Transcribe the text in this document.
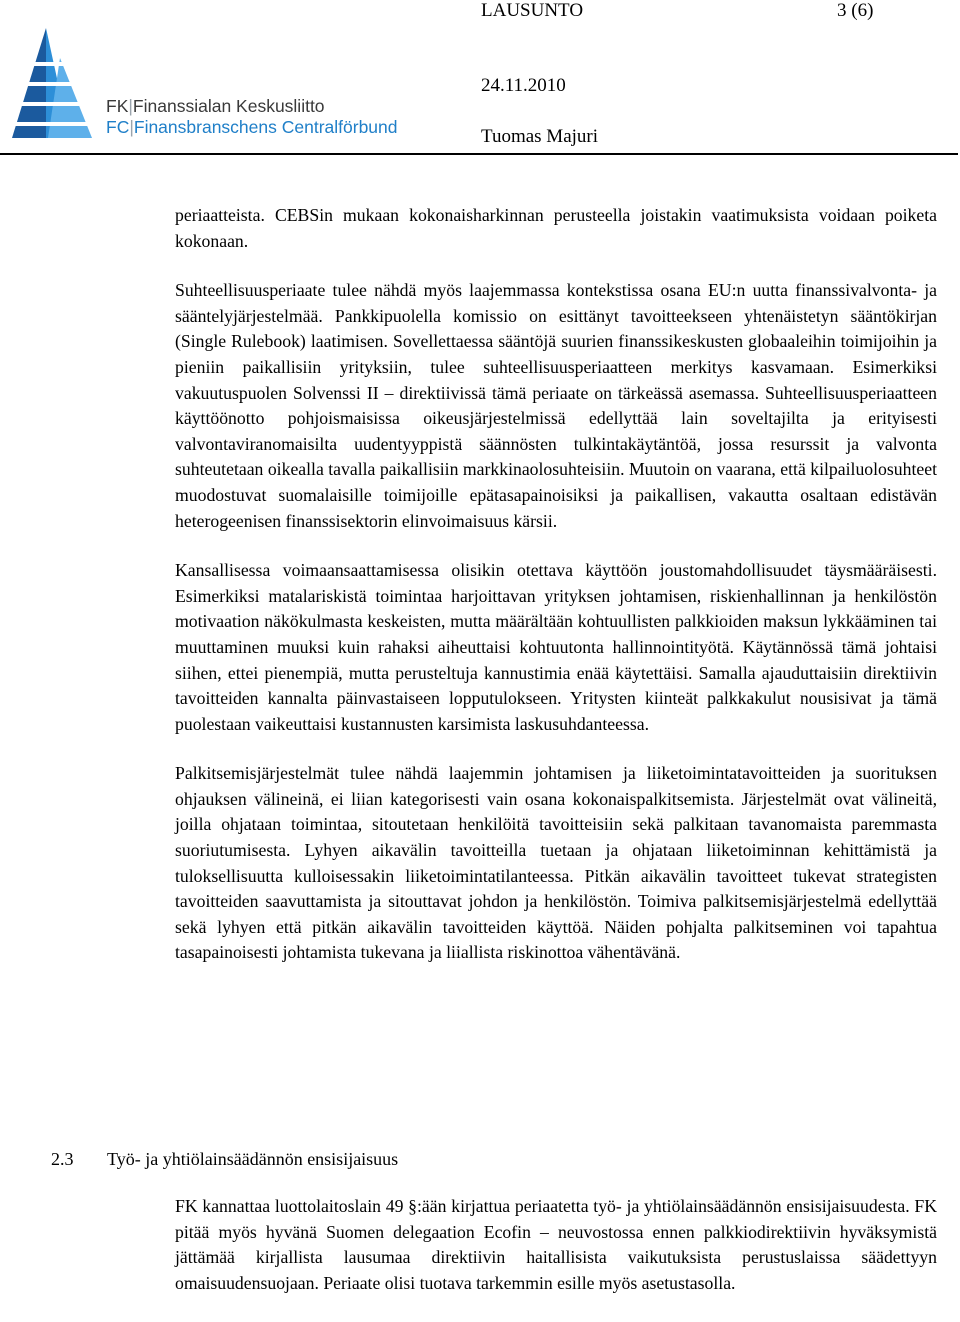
FK|Finanssialan Keskusliitto
FC|Finansbranschens Centralförbund
LAUSUNTO	3 (6)
24.11.2010
Tuomas Majuri

periaatteista. CEBSin mukaan kokonaisharkinnan perusteella joistakin vaatimuksista voidaan poiketa kokonaan.

Suhteellisuusperiaate tulee nähdä myös laajemmassa kontekstissa osana EU:n uutta finanssivalvonta- ja sääntelyjärjestelmää. Pankkipuolella komissio on esittänyt tavoitteekseen yhtenäistetyn sääntökirjan (Single Rulebook) laatimisen. Sovellettaessa sääntöjä suurien finanssikeskusten globaaleihin toimijoihin ja pieniin paikallisiin yrityksiin, tulee suhteellisuusperiaatteen merkitys kasvamaan. Esimerkiksi vakuutuspuolen Solvenssi II – direktiivissä tämä periaate on tärkeässä asemassa. Suhteellisuusperiaatteen käyttöönotto pohjoismaisissa oikeusjärjestelmissä edellyttää lain soveltajilta ja erityisesti valvontaviranomaisilta uudentyyppistä säännösten tulkintakäytäntöä, jossa resurssit ja valvonta suhteutetaan oikealla tavalla paikallisiin markkinaolosuhteisiin. Muutoin on vaarana, että kilpailuolosuhteet muodostuvat suomalaisille toimijoille epätasapainoisiksi ja paikallisen, vakautta osaltaan edistävän heterogeenisen finanssisektorin elinvoimaisuus kärsii.

Kansallisessa voimaansaattamisessa olisikin otettava käyttöön joustomahdollisuudet täysmääräisesti. Esimerkiksi matalariskistä toimintaa harjoittavan yrityksen johtamisen, riskienhallinnan ja henkilöstön motivaation näkökulmasta keskeisten, mutta määrältään kohtuullisten palkkioiden maksun lykkääminen tai muuttaminen muuksi kuin rahaksi aiheuttaisi kohtuutonta hallinnointityötä. Käytännössä tämä johtaisi siihen, ettei pienempiä, mutta perusteltuja kannustimia enää käytettäisi. Samalla ajauduttaisiin direktiivin tavoitteiden kannalta päinvastaiseen lopputulokseen. Yritysten kiinteät palkkakulut nousisivat ja tämä puolestaan vaikeuttaisi kustannusten karsimista laskusuhdanteessa.

Palkitsemisjärjestelmät tulee nähdä laajemmin johtamisen ja liiketoimintatavoitteiden ja suorituksen ohjauksen välineinä, ei liian kategorisesti vain osana kokonaispalkitsemista. Järjestelmät ovat välineitä, joilla ohjataan toimintaa, sitoutetaan henkilöitä tavoitteisiin sekä palkitaan tavanomaista paremmasta suoriutumisesta. Lyhyen aikavälin tavoitteilla tuetaan ja ohjataan liiketoiminnan kehittämistä ja tuloksellisuutta kulloisessakin liiketoimintatilanteessa. Pitkän aikavälin tavoitteet tukevat strategisten tavoitteiden saavuttamista ja sitouttavat johdon ja henkilöstön. Toimiva palkitsemisjärjestelmä edellyttää sekä lyhyen että pitkän aikavälin tavoitteiden käyttöä. Näiden pohjalta palkitseminen voi tapahtua tasapainoisesti johtamista tukevana ja liiallista riskinottoa vähentävänä.

2.3 Työ- ja yhtiölainsäädännön ensisijaisuus

FK kannattaa luottolaitoslain 49 §:ään kirjattua periaatetta työ- ja yhtiölainsäädännön ensisijaisuudesta. FK pitää myös hyvänä Suomen delegaation Ecofin – neuvostossa ennen palkkiodirektiivin hyväksymistä jättämää kirjallista lausumaa direktiivin haitallisista vaikutuksista perustuslaissa säädettyyn omaisuudensuojaan. Periaate olisi tuotava tarkemmin esille myös asetustasolla.
